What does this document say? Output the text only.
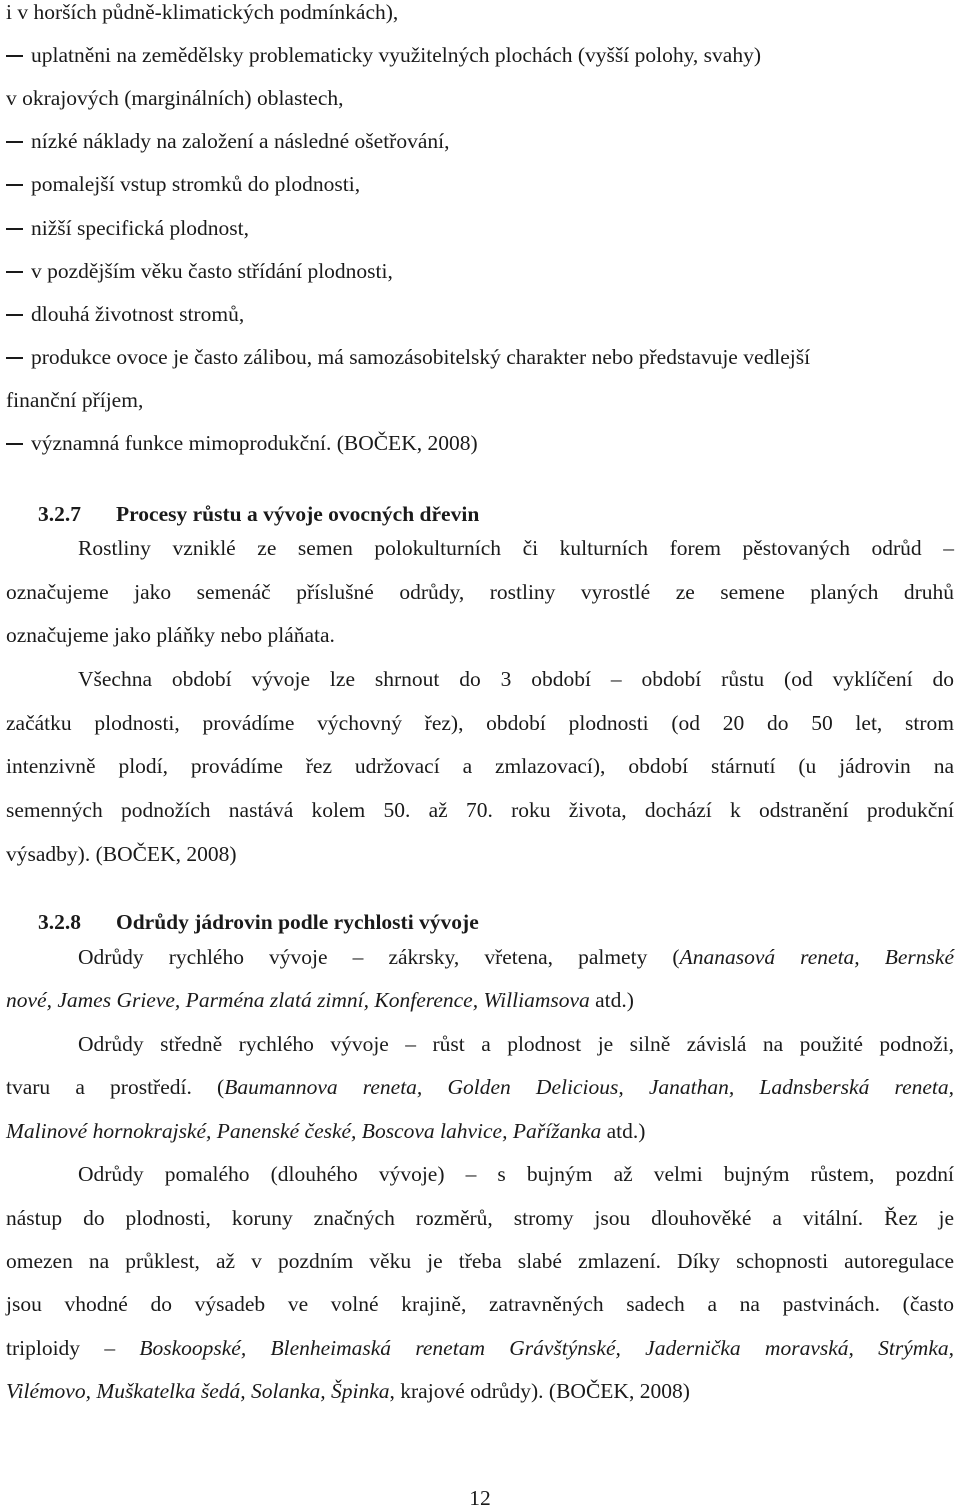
i v horších půdně-klimatických podmínkách),
uplatněni na zemědělsky problematicky využitelných plochách (vyšší polohy, svahy)
v okrajových (marginálních) oblastech,
nízké náklady na založení a následné ošetřování,
pomalejší vstup stromků do plodnosti,
nižší specifická plodnost,
v pozdějším věku často střídání plodnosti,
dlouhá životnost stromů,
produkce ovoce je často zálibou, má samozásobitelský charakter nebo představuje vedlejší
finanční příjem,
významná funkce mimoprodukční. (BOČEK, 2008)
3.2.7 Procesy růstu a vývoje ovocných dřevin
Rostliny vzniklé ze semen polokulturních či kulturních forem pěstovaných odrůd –
označujeme jako semenáč příslušné odrůdy, rostliny vyrostlé ze semene planých druhů
označujeme jako pláňky nebo pláňata.
Všechna období vývoje lze shrnout do 3 období – období růstu (od vyklíčení do
začátku plodnosti, provádíme výchovný řez), období plodnosti (od 20 do 50 let, strom
intenzivně plodí, provádíme řez udržovací a zmlazovací), období stárnutí (u jádrovin na
semenných podnožích nastává kolem 50. až 70. roku života, dochází k odstranění produkční
výsadby). (BOČEK, 2008)
3.2.8 Odrůdy jádrovin podle rychlosti vývoje
Odrůdy rychlého vývoje – zákrsky, vřetena, palmety (Ananasová reneta, Bernské
nové, James Grieve, Parména zlatá zimní, Konference, Williamsova atd.)
Odrůdy středně rychlého vývoje – růst a plodnost je silně závislá na použité podnoži,
tvaru a prostředí. (Baumannova reneta, Golden Delicious, Janathan, Ladnsberská reneta,
Malinové hornokrajské, Panenské české, Boscova lahvice, Pařížanka atd.)
Odrůdy pomalého (dlouhého vývoje) – s bujným až velmi bujným růstem, pozdní
nástup do plodnosti, koruny značných rozměrů, stromy jsou dlouhověké a vitální. Řez je
omezen na průklest, až v pozdním věku je třeba slabé zmlazení. Díky schopnosti autoregulace
jsou vhodné do výsadeb ve volné krajině, zatravněných sadech a na pastvinách. (často
triploidy – Boskoopské, Blenheimaská renetam Grávštýnské, Jadernička moravská, Strýmka,
Vilémovo, Muškatelka šedá, Solanka, Špinka, krajové odrůdy). (BOČEK, 2008)
12
